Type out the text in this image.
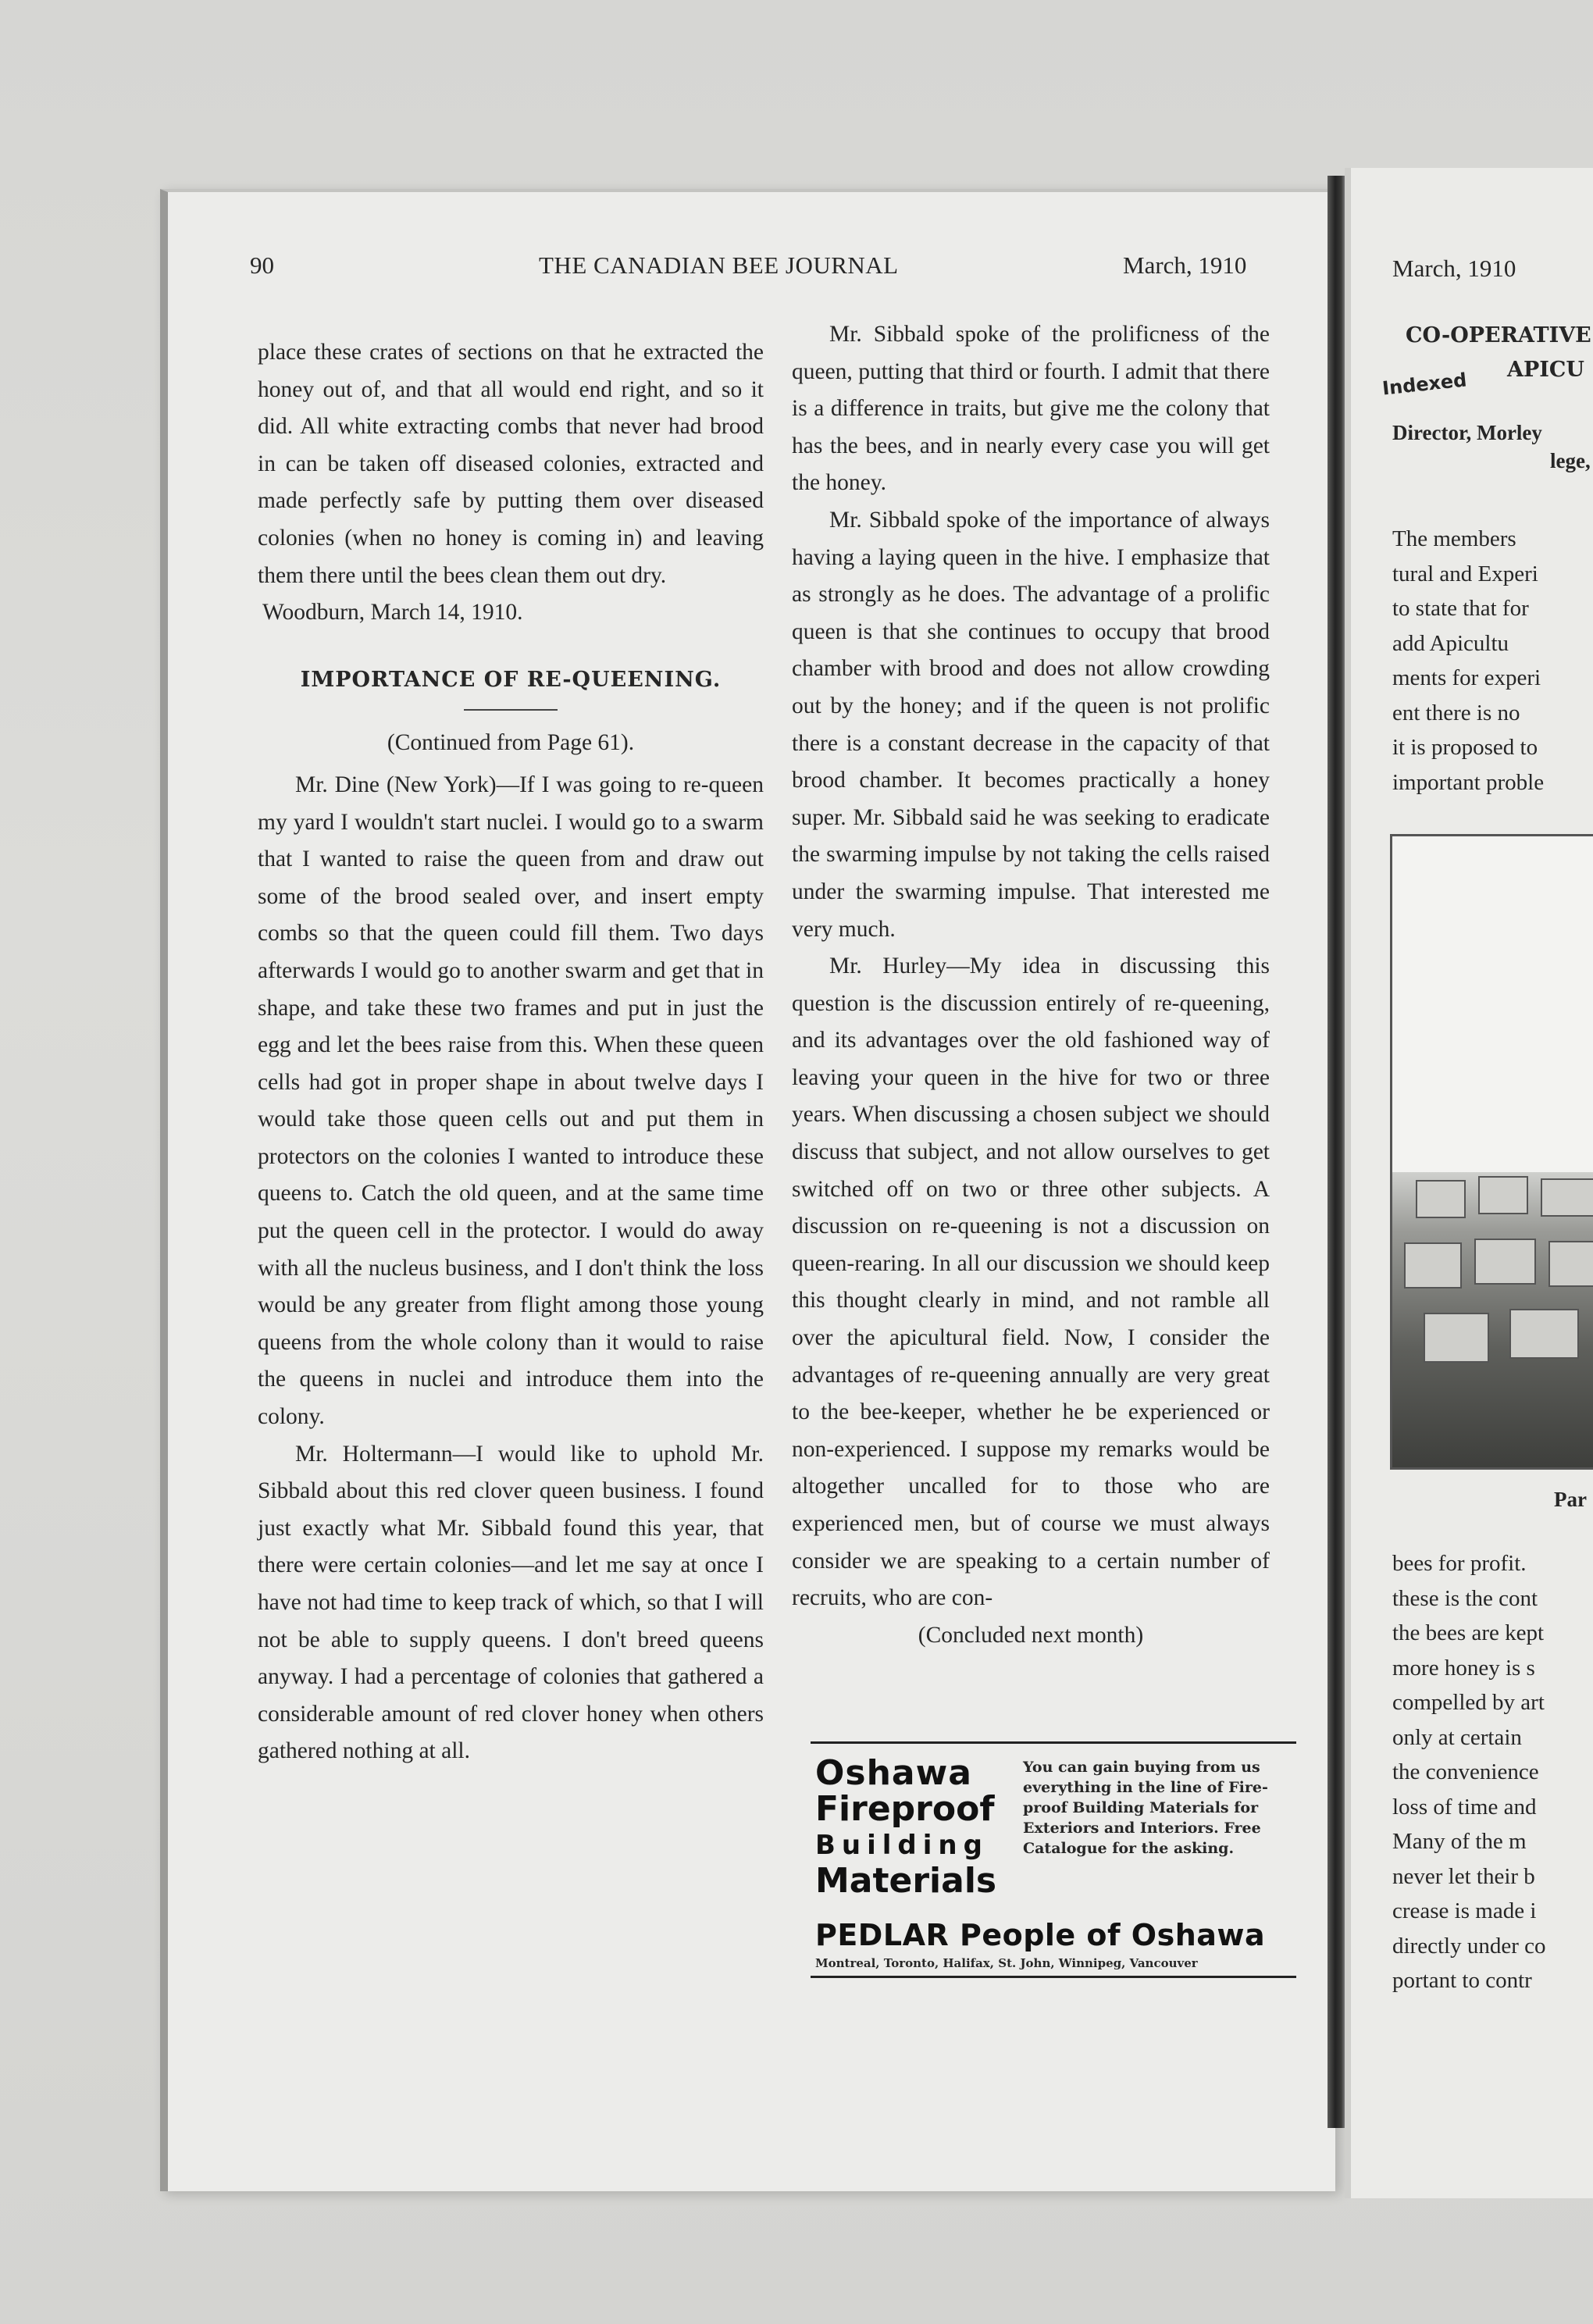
90	THE CANADIAN BEE JOURNAL	March, 1910

place these crates of sections on that he extracted the honey out of, and that all would end right, and so it did. All white extracting combs that never had brood in can be taken off diseased colonies, extracted and made perfectly safe by putting them over diseased colonies (when no honey is coming in) and leaving them there until the bees clean them out dry.

Woodburn, March 14, 1910.

IMPORTANCE OF RE-QUEENING.

(Continued from Page 61).

Mr. Dine (New York)—If I was going to re-queen my yard I wouldn't start nuclei. I would go to a swarm that I wanted to raise the queen from and draw out some of the brood sealed over, and insert empty combs so that the queen could fill them. Two days afterwards I would go to another swarm and get that in shape, and take these two frames and put in just the egg and let the bees raise from this. When these queen cells had got in proper shape in about twelve days I would take those queen cells out and put them in protectors on the colonies I wanted to introduce these queens to. Catch the old queen, and at the same time put the queen cell in the protector. I would do away with all the nucleus business, and I don't think the loss would be any greater from flight among those young queens from the whole colony than it would to raise the queens in nuclei and introduce them into the colony.

Mr. Holtermann—I would like to uphold Mr. Sibbald about this red clover queen business. I found just exactly what Mr. Sibbald found this year, that there were certain colonies—and let me say at once I have not had time to keep track of which, so that I will not be able to supply queens. I don't breed queens anyway. I had a percentage of colonies that gathered a considerable amount of red clover honey when others gathered nothing at all.

Mr. Sibbald spoke of the prolificness of the queen, putting that third or fourth. I admit that there is a difference in traits, but give me the colony that has the bees, and in nearly every case you will get the honey.

Mr. Sibbald spoke of the importance of always having a laying queen in the hive. I emphasize that as strongly as he does. The advantage of a prolific queen is that she continues to occupy that brood chamber with brood and does not allow crowding out by the honey; and if the queen is not prolific there is a constant decrease in the capacity of that brood chamber. It becomes practically a honey super. Mr. Sibbald said he was seeking to eradicate the swarming impulse by not taking the cells raised under the swarming impulse. That interested me very much.

Mr. Hurley—My idea in discussing this question is the discussion entirely of re-queening, and its advantages over the old fashioned way of leaving your queen in the hive for two or three years. When discussing a chosen subject we should discuss that subject, and not allow ourselves to get switched off on two or three other subjects. A discussion on re-queening is not a discussion on queen-rearing. In all our discussion we should keep this thought clearly in mind, and not ramble all over the apicultural field. Now, I consider the advantages of re-queening annually are very great to the bee-keeper, whether he be experienced or non-experienced. I suppose my remarks would be altogether uncalled for to those who are experienced men, but of course we must always consider we are speaking to a certain number of recruits, who are con-

(Concluded next month)

Oshawa
Fireproof
Building
Materials
You can gain buying from us everything in the line of Fire-proof Building Materials for Exteriors and Interiors. Free Catalogue for the asking.
PEDLAR People of Oshawa
Montreal, Toronto, Halifax, St. John, Winnipeg, Vancouver
March, 1910
CO-OPERATIVE
Indexed APICU
Director, Morley
lege,
The members
tural and Experi
to state that for
add Apicultu
ments for experi
ent there is no
it is proposed to
important proble
Par
bees for profit.
these is the cont
the bees are kept
more honey is s
compelled by art
only at certain
the convenience
loss of time and
Many of the m
never let their b
crease is made i
directly under co
portant to contr
